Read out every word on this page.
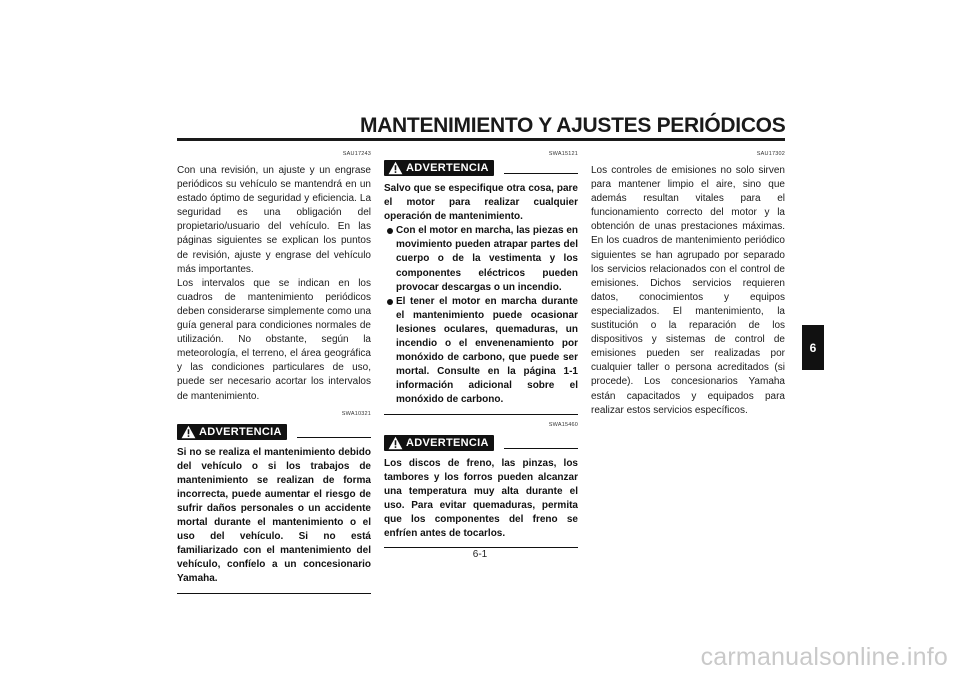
MANTENIMIENTO Y AJUSTES PERIÓDICOS
SAU17243

Con una revisión, un ajuste y un engrase periódicos su vehículo se mantendrá en un estado óptimo de seguridad y eficiencia. La seguridad es una obligación del propietario/usuario del vehículo. En las páginas siguientes se explican los puntos de revisión, ajuste y engrase del vehículo más importantes.

Los intervalos que se indican en los cuadros de mantenimiento periódicos deben considerarse simplemente como una guía general para condiciones normales de utilización. No obstante, según la meteorología, el terreno, el área geográfica y las condiciones particulares de uso, puede ser necesario acortar los intervalos de mantenimiento.

SWA10321
ADVERTENCIA

Si no se realiza el mantenimiento debido del vehículo o si los trabajos de mantenimiento se realizan de forma incorrecta, puede aumentar el riesgo de sufrir daños personales o un accidente mortal durante el mantenimiento o el uso del vehículo. Si no está familiarizado con el mantenimiento del vehículo, confíelo a un concesionario Yamaha.

SWA15121
ADVERTENCIA

Salvo que se especifique otra cosa, pare el motor para realizar cualquier operación de mantenimiento.

Con el motor en marcha, las piezas en movimiento pueden atrapar partes del cuerpo o de la vestimenta y los componentes eléctricos pueden provocar descargas o un incendio.
El tener el motor en marcha durante el mantenimiento puede ocasionar lesiones oculares, quemaduras, un incendio o el envenenamiento por monóxido de carbono, que puede ser mortal. Consulte en la página 1-1 información adicional sobre el monóxido de carbono.
SWA15460
ADVERTENCIA

Los discos de freno, las pinzas, los tambores y los forros pueden alcanzar una temperatura muy alta durante el uso. Para evitar quemaduras, permita que los componentes del freno se enfríen antes de tocarlos.

SAU17302

Los controles de emisiones no solo sirven para mantener limpio el aire, sino que además resultan vitales para el funcionamiento correcto del motor y la obtención de unas prestaciones máximas. En los cuadros de mantenimiento periódico siguientes se han agrupado por separado los servicios relacionados con el control de emisiones. Dichos servicios requieren datos, conocimientos y equipos especializados. El mantenimiento, la sustitución o la reparación de los dispositivos y sistemas de control de emisiones pueden ser realizadas por cualquier taller o persona acreditados (si procede). Los concesionarios Yamaha están capacitados y equipados para realizar estos servicios específicos.

6
6-1
carmanualsonline.info
